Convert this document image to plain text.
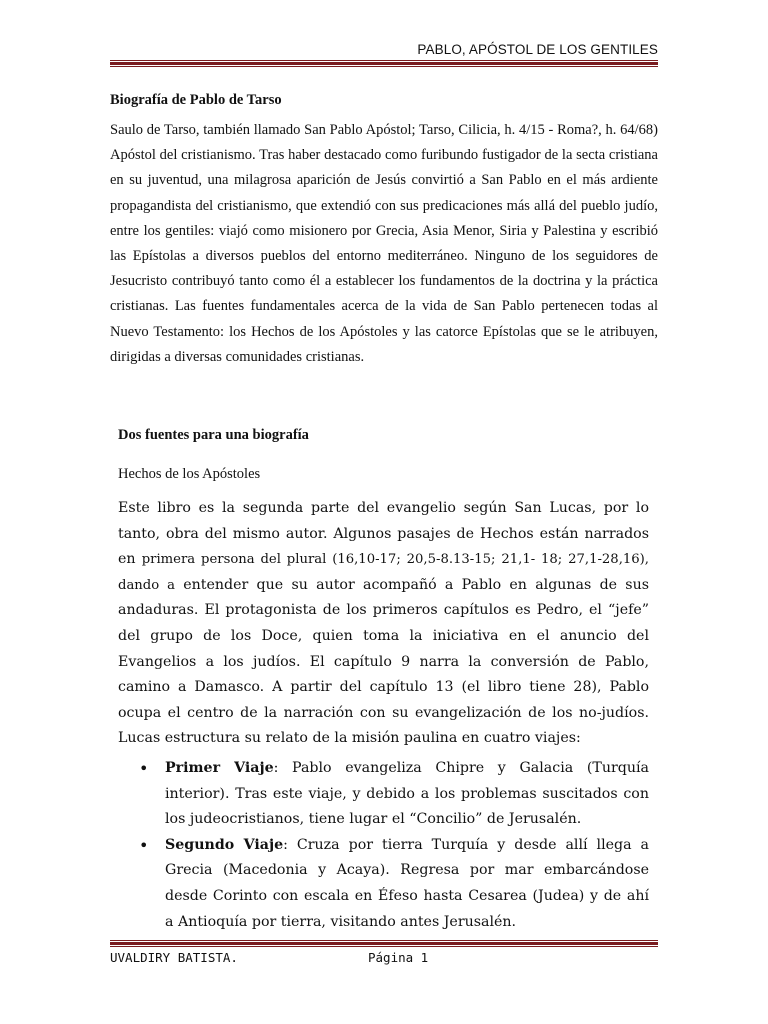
PABLO, APÓSTOL DE LOS GENTILES
Biografía de Pablo de Tarso
Saulo de Tarso, también llamado San Pablo Apóstol; Tarso, Cilicia, h. 4/15 - Roma?, h. 64/68) Apóstol del cristianismo. Tras haber destacado como furibundo fustigador de la secta cristiana en su juventud, una milagrosa aparición de Jesús convirtió a San Pablo en el más ardiente propagandista del cristianismo, que extendió con sus predicaciones más allá del pueblo judío, entre los gentiles: viajó como misionero por Grecia, Asia Menor, Siria y Palestina y escribió las Epístolas a diversos pueblos del entorno mediterráneo. Ninguno de los seguidores de Jesucristo contribuyó tanto como él a establecer los fundamentos de la doctrina y la práctica cristianas. Las fuentes fundamentales acerca de la vida de San Pablo pertenecen todas al Nuevo Testamento: los Hechos de los Apóstoles y las catorce Epístolas que se le atribuyen, dirigidas a diversas comunidades cristianas.
Dos fuentes para una biografía
Hechos de los Apóstoles
Este libro es la segunda parte del evangelio según San Lucas, por lo tanto, obra del mismo autor. Algunos pasajes de Hechos están narrados en primera persona del plural (16,10-17; 20,5-8.13-15; 21,1- 18; 27,1-28,16), dando a entender que su autor acompañó a Pablo en algunas de sus andaduras. El protagonista de los primeros capítulos es Pedro, el “jefe” del grupo de los Doce, quien toma la iniciativa en el anuncio del Evangelios a los judíos. El capítulo 9 narra la conversión de Pablo, camino a Damasco. A partir del capítulo 13 (el libro tiene 28), Pablo ocupa el centro de la narración con su evangelización de los no-judíos. Lucas estructura su relato de la misión paulina en cuatro viajes:
• Primer Viaje: Pablo evangeliza Chipre y Galacia (Turquía interior). Tras este viaje, y debido a los problemas suscitados con los judeocristianos, tiene lugar el “Concilio” de Jerusalén.
• Segundo Viaje: Cruza por tierra Turquía y desde allí llega a Grecia (Macedonia y Acaya). Regresa por mar embarcándose desde Corinto con escala en Éfeso hasta Cesarea (Judea) y de ahí a Antioquía por tierra, visitando antes Jerusalén.
UVALDIRY BATISTA.	Página 1
